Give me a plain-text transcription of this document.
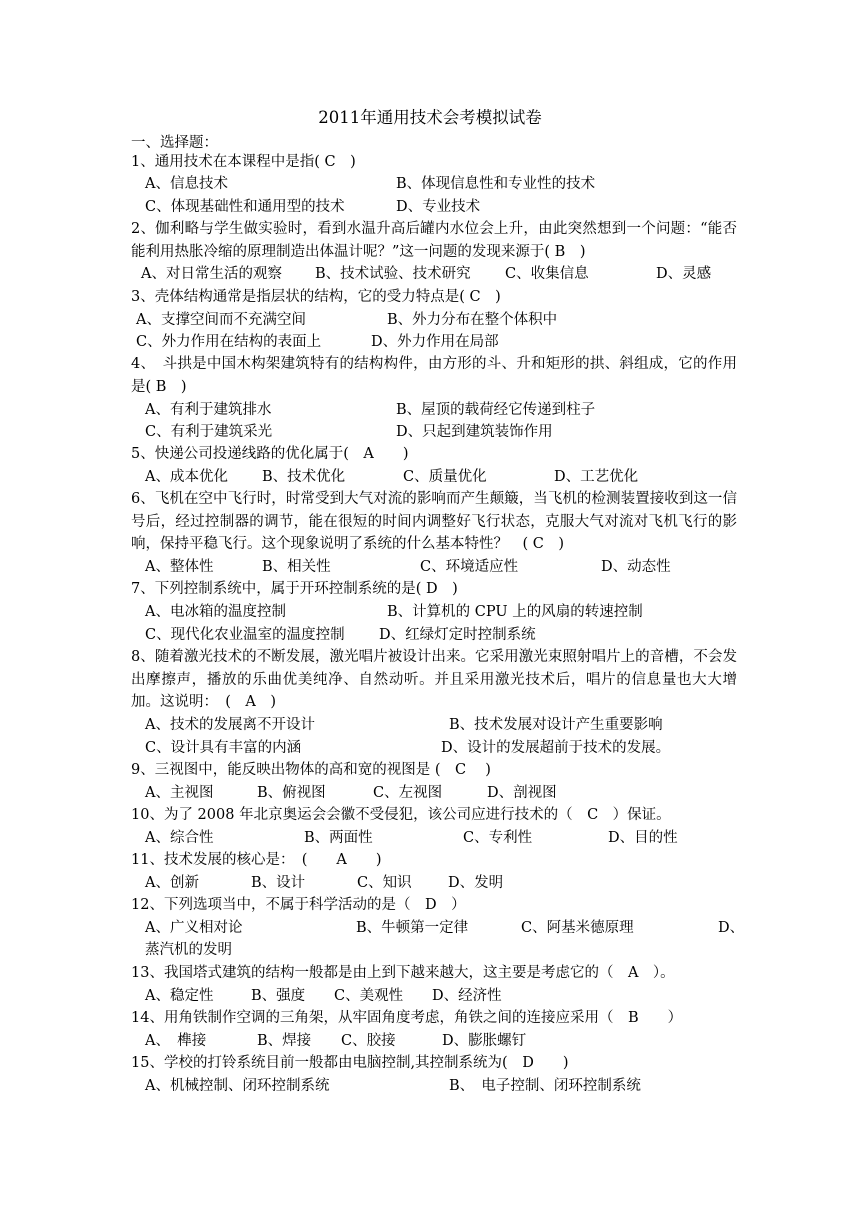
2011年通用技术会考模拟试卷
一、选择题：
1、通用技术在本课程中是指( C　)
A、信息技术	B、体现信息性和专业性的技术
C、体现基础性和通用型的技术	D、专业技术
2、伽利略与学生做实验时，看到水温升高后罐内水位会上升，由此突然想到一个问题：“能否能利用热胀冷缩的原理制造出体温计呢？”这一问题的发现来源于( B　)
A、对日常生活的观察 B、技术试验、技术研究 C、收集信息	D、灵感
3、壳体结构通常是指层状的结构，它的受力特点是( C　)
A、支撑空间而不充满空间	B、外力分布在整个体积中
C、外力作用在结构的表面上	D、外力作用在局部
4、　斗拱是中国木构架建筑特有的结构构件，由方形的斗、升和矩形的拱、斜组成，它的作用是( B　)
A、有利于建筑排水	B、屋顶的载荷经它传递到柱子
C、有利于建筑采光	D、只起到建筑装饰作用
5、快递公司投递线路的优化属于(　A　　)
A、成本优化 B、技术优化	C、质量优化	D、工艺优化
6、飞机在空中飞行时，时常受到大气对流的影响而产生颠簸，当飞机的检测装置接收到这一信号后，经过控制器的调节，能在很短的时间内调整好飞行状态，克服大气对流对飞机飞行的影响，保持平稳飞行。这个现象说明了系统的什么基本特性？　( C　)
A、整体性	B、相关性	C、环境适应性	D、动态性
7、下列控制系统中，属于开环控制系统的是( D　)
A、电冰箱的温度控制	B、计算机的 CPU 上的风扇的转速控制
C、现代化农业温室的温度控制 D、红绿灯定时控制系统
8、随着激光技术的不断发展，激光唱片被设计出来。它采用激光束照射唱片上的音槽，不会发出摩擦声，播放的乐曲优美纯净、自然动听。并且采用激光技术后，唱片的信息量也大大增加。这说明：　(　A　)
A、技术的发展离不开设计	B、技术发展对设计产生重要影响
C、设计具有丰富的内涵	D、设计的发展超前于技术的发展。
9、三视图中，能反映出物体的高和宽的视图是 (　C　 )
A、主视图	B、俯视图	C、左视图	D、剖视图
10、为了 2008 年北京奥运会会徽不受侵犯，该公司应进行技术的（　C　）保证。
A、综合性	B、两面性	C、专利性	D、目的性
11、技术发展的核心是：　(　　A　　)
A、创新	B、设计	C、知识	D、发明
12、下列选项当中，不属于科学活动的是（　D　）
A、广义相对论	B、牛顿第一定律	C、阿基米德原理	D、
蒸汽机的发明
13、我国塔式建筑的结构一般都是由上到下越来越大，这主要是考虑它的（　A　）。
A、稳定性	B、强度 C、美观性 D、经济性
14、用角铁制作空调的三角架，从牢固角度考虑，角铁之间的连接应采用（　B　　）
A、　榫接	B、焊接 C、胶接	D、膨胀螺钉
15、学校的打铃系统目前一般都由电脑控制,其控制系统为(　D　　)
A、机械控制、闭环控制系统	B、　电子控制、闭环控制系统
